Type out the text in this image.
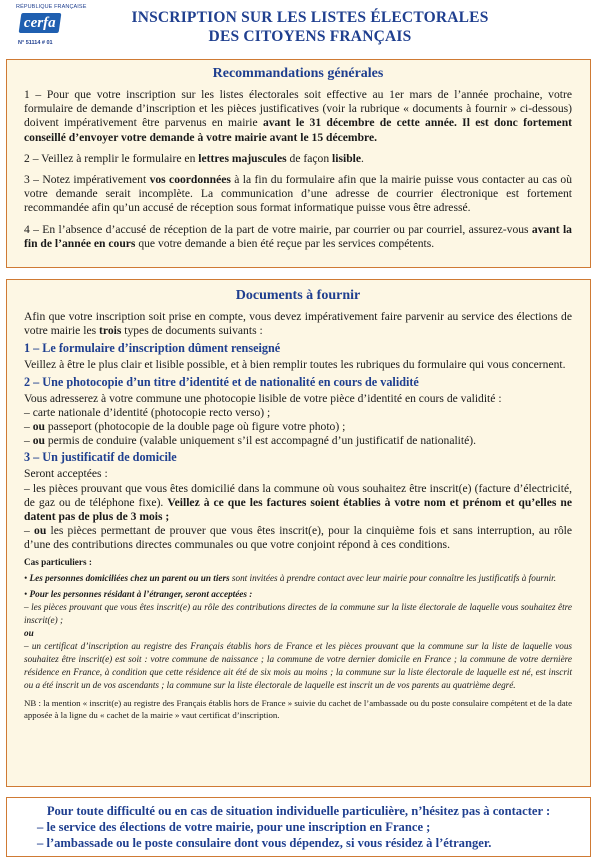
RÉPUBLIQUE FRANÇAISE
cerfa
N° 51114 # 01
INSCRIPTION SUR LES LISTES ÉLECTORALES
DES CITOYENS FRANÇAIS
Recommandations générales
1 – Pour que votre inscription sur les listes électorales soit effective au 1er mars de l’année prochaine, votre formulaire de demande d’inscription et les pièces justificatives (voir la rubrique « documents à fournir » ci-dessous) doivent impérativement être parvenus en mairie avant le 31 décembre de cette année. Il est donc fortement conseillé d’envoyer votre demande à votre mairie avant le 15 décembre.
2 – Veillez à remplir le formulaire en lettres majuscules de façon lisible.
3 – Notez impérativement vos coordonnées à la fin du formulaire afin que la mairie puisse vous contacter au cas où votre demande serait incomplète. La communication d’une adresse de courrier électronique est fortement recommandée afin qu’un accusé de réception sous format informatique puisse vous être adressé.
4 – En l’absence d’accusé de réception de la part de votre mairie, par courrier ou par courriel, assurez-vous avant la fin de l’année en cours que votre demande a bien été reçue par les services compétents.
Documents à fournir
Afin que votre inscription soit prise en compte, vous devez impérativement faire parvenir au service des élections de votre mairie les trois types de documents suivants :
1 – Le formulaire d’inscription dûment renseigné
Veillez à être le plus clair et lisible possible, et à bien remplir toutes les rubriques du formulaire qui vous concernent.
2 – Une photocopie d’un titre d’identité et de nationalité en cours de validité
Vous adresserez à votre commune une photocopie lisible de votre pièce d’identité en cours de validité :
– carte nationale d’identité (photocopie recto verso) ;
– ou passeport (photocopie de la double page où figure votre photo) ;
– ou permis de conduire (valable uniquement s’il est accompagné d’un justificatif de nationalité).
3 – Un justificatif de domicile
Seront acceptées :
– les pièces prouvant que vous êtes domicilié dans la commune où vous souhaitez être inscrit(e) (facture d’électricité, de gaz ou de téléphone fixe). Veillez à ce que les factures soient établies à votre nom et prénom et qu’elles ne datent pas de plus de 3 mois ;
– ou les pièces permettant de prouver que vous êtes inscrit(e), pour la cinquième fois et sans interruption, au rôle d’une des contributions directes communales ou que votre conjoint répond à ces conditions.
Cas particuliers :
• Les personnes domiciliées chez un parent ou un tiers sont invitées à prendre contact avec leur mairie pour connaître les justificatifs à fournir.
• Pour les personnes résidant à l’étranger, seront acceptées :
– les pièces prouvant que vous êtes inscrit(e) au rôle des contributions directes de la commune sur la liste électorale de laquelle vous souhaitez être inscrit(e) ;
ou
– un certificat d’inscription au registre des Français établis hors de France et les pièces prouvant que la commune sur la liste de laquelle vous souhaitez être inscrit(e) est soit : votre commune de naissance ; la commune de votre dernier domicile en France ; la commune de votre dernière résidence en France, à condition que cette résidence ait été de six mois au moins ; la commune sur la liste électorale de laquelle est né, est inscrit ou a été inscrit un de vos ascendants ; la commune sur la liste électorale de laquelle est inscrit un de vos parents au quatrième degré.
NB : la mention « inscrit(e) au registre des Français établis hors de France » suivie du cachet de l’ambassade ou du poste consulaire compétent et de la date apposée à la ligne du « cachet de la mairie » vaut certificat d’inscription.
Pour toute difficulté ou en cas de situation individuelle particulière, n’hésitez pas à contacter :
– le service des élections de votre mairie, pour une inscription en France ;
– l’ambassade ou le poste consulaire dont vous dépendez, si vous résidez à l’étranger.
